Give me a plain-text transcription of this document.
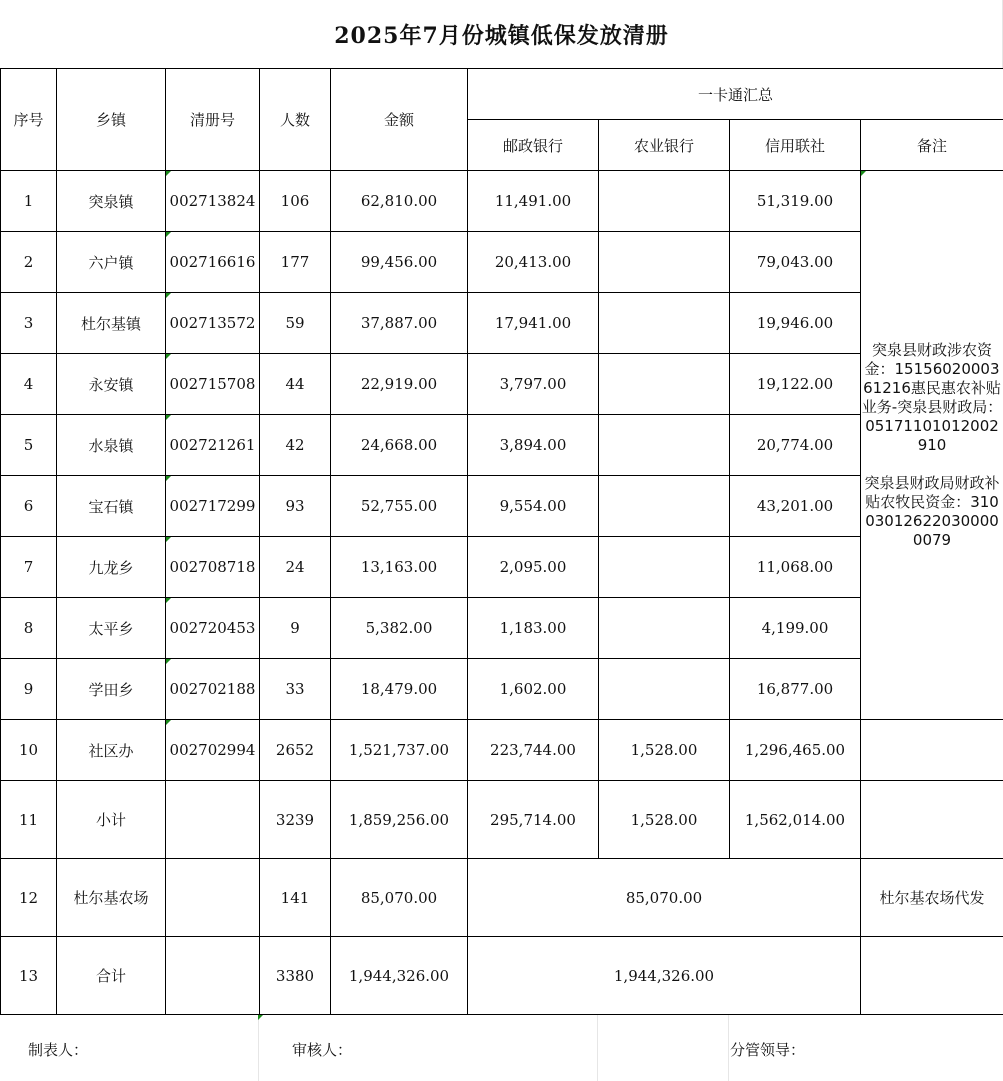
2025年7月份城镇低保发放清册
序号	乡镇	清册号	人数	金额	一卡通汇总			
					邮政银行	农业银行	信用联社	备注
1	突泉镇	002713824	106	62,810.00	11,491.00		51,319.00	突泉县财政涉农资金：1515602000361216惠民惠农补贴业务-突泉县财政局：05171101012002910
突泉县财政局财政补贴农牧民资金：310030126220300000079

2	六户镇	002716616	177	99,456.00	20,413.00		79,043.00	
3	杜尔基镇	002713572	59	37,887.00	17,941.00		19,946.00	
4	永安镇	002715708	44	22,919.00	3,797.00		19,122.00	
5	水泉镇	002721261	42	24,668.00	3,894.00		20,774.00	
6	宝石镇	002717299	93	52,755.00	9,554.00		43,201.00	
7	九龙乡	002708718	24	13,163.00	2,095.00		11,068.00	
8	太平乡	002720453	9	5,382.00	1,183.00		4,199.00	
9	学田乡	002702188	33	18,479.00	1,602.00		16,877.00	
10	社区办	002702994	2652	1,521,737.00	223,744.00	1,528.00	1,296,465.00	
11	小计		3239	1,859,256.00	295,714.00	1,528.00	1,562,014.00	
12	杜尔基农场		141	85,070.00	85,070.00			杜尔基农场代发
13	合计		3380	1,944,326.00	1,944,326.00			
制表人：	审核人：	分管领导：
